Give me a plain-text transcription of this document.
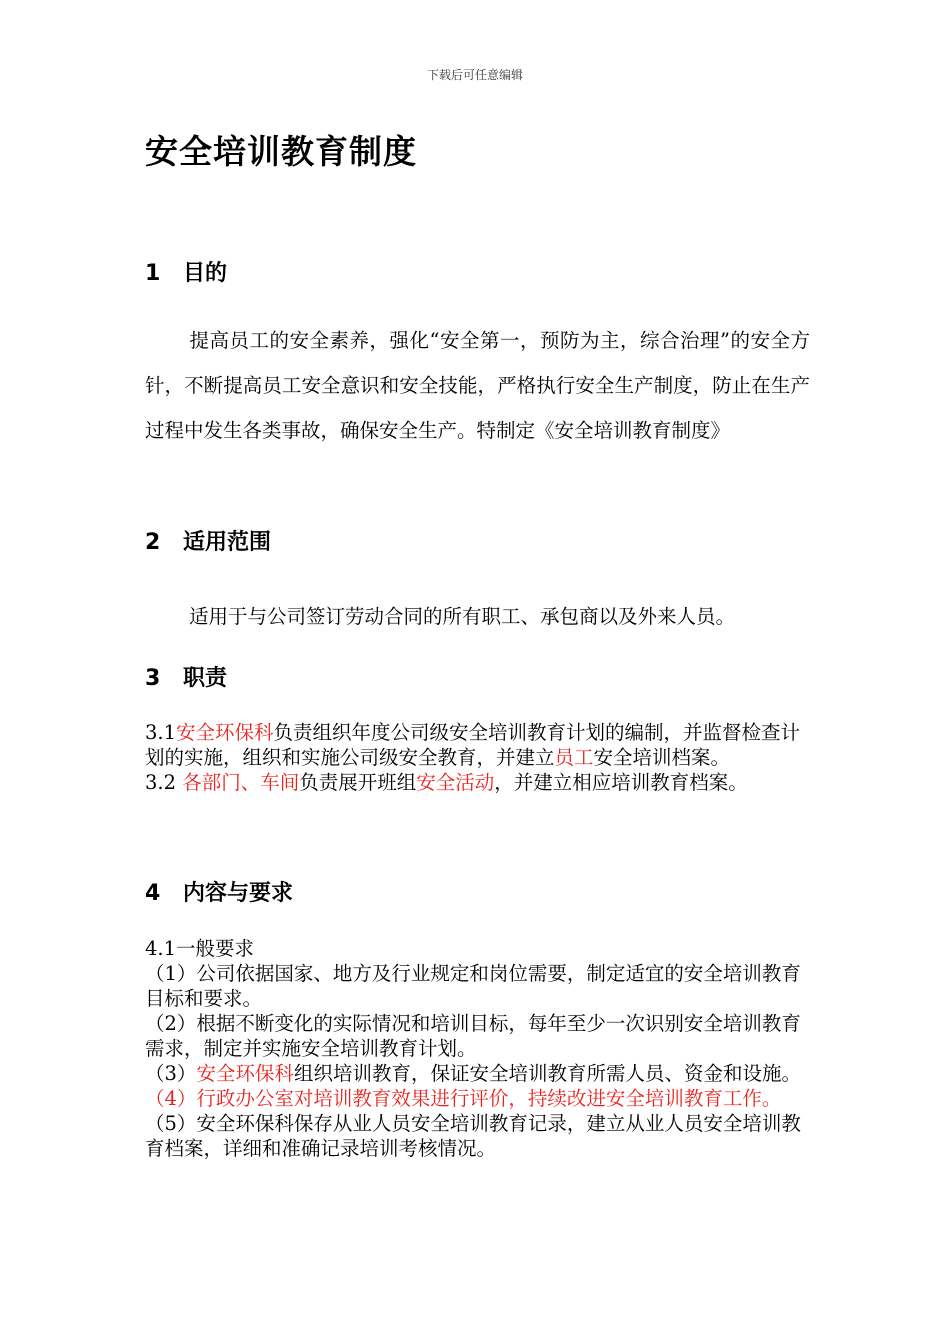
下载后可任意编辑
安全培训教育制度
1 目的

提高员工的安全素养，强化“安全第一，预防为主，综合治理”的安全方针，不断提高员工安全意识和安全技能，严格执行安全生产制度，防止在生产过程中发生各类事故，确保安全生产。特制定《安全培训教育制度》

2 适用范围

适用于与公司签订劳动合同的所有职工、承包商以及外来人员。

3 职责
3.1安全环保科负责组织年度公司级安全培训教育计划的编制，并监督检查计划的实施，组织和实施公司级安全教育，并建立员工安全培训档案。
3.2 各部门、车间负责展开班组安全活动，并建立相应培训教育档案。
4 内容与要求
4.1一般要求
（1）公司依据国家、地方及行业规定和岗位需要，制定适宜的安全培训教育目标和要求。
（2）根据不断变化的实际情况和培训目标，每年至少一次识别安全培训教育需求，制定并实施安全培训教育计划。
（3）安全环保科组织培训教育，保证安全培训教育所需人员、资金和设施。
（4）行政办公室对培训教育效果进行评价，持续改进安全培训教育工作。
（5）安全环保科保存从业人员安全培训教育记录，建立从业人员安全培训教育档案，详细和准确记录培训考核情况。
